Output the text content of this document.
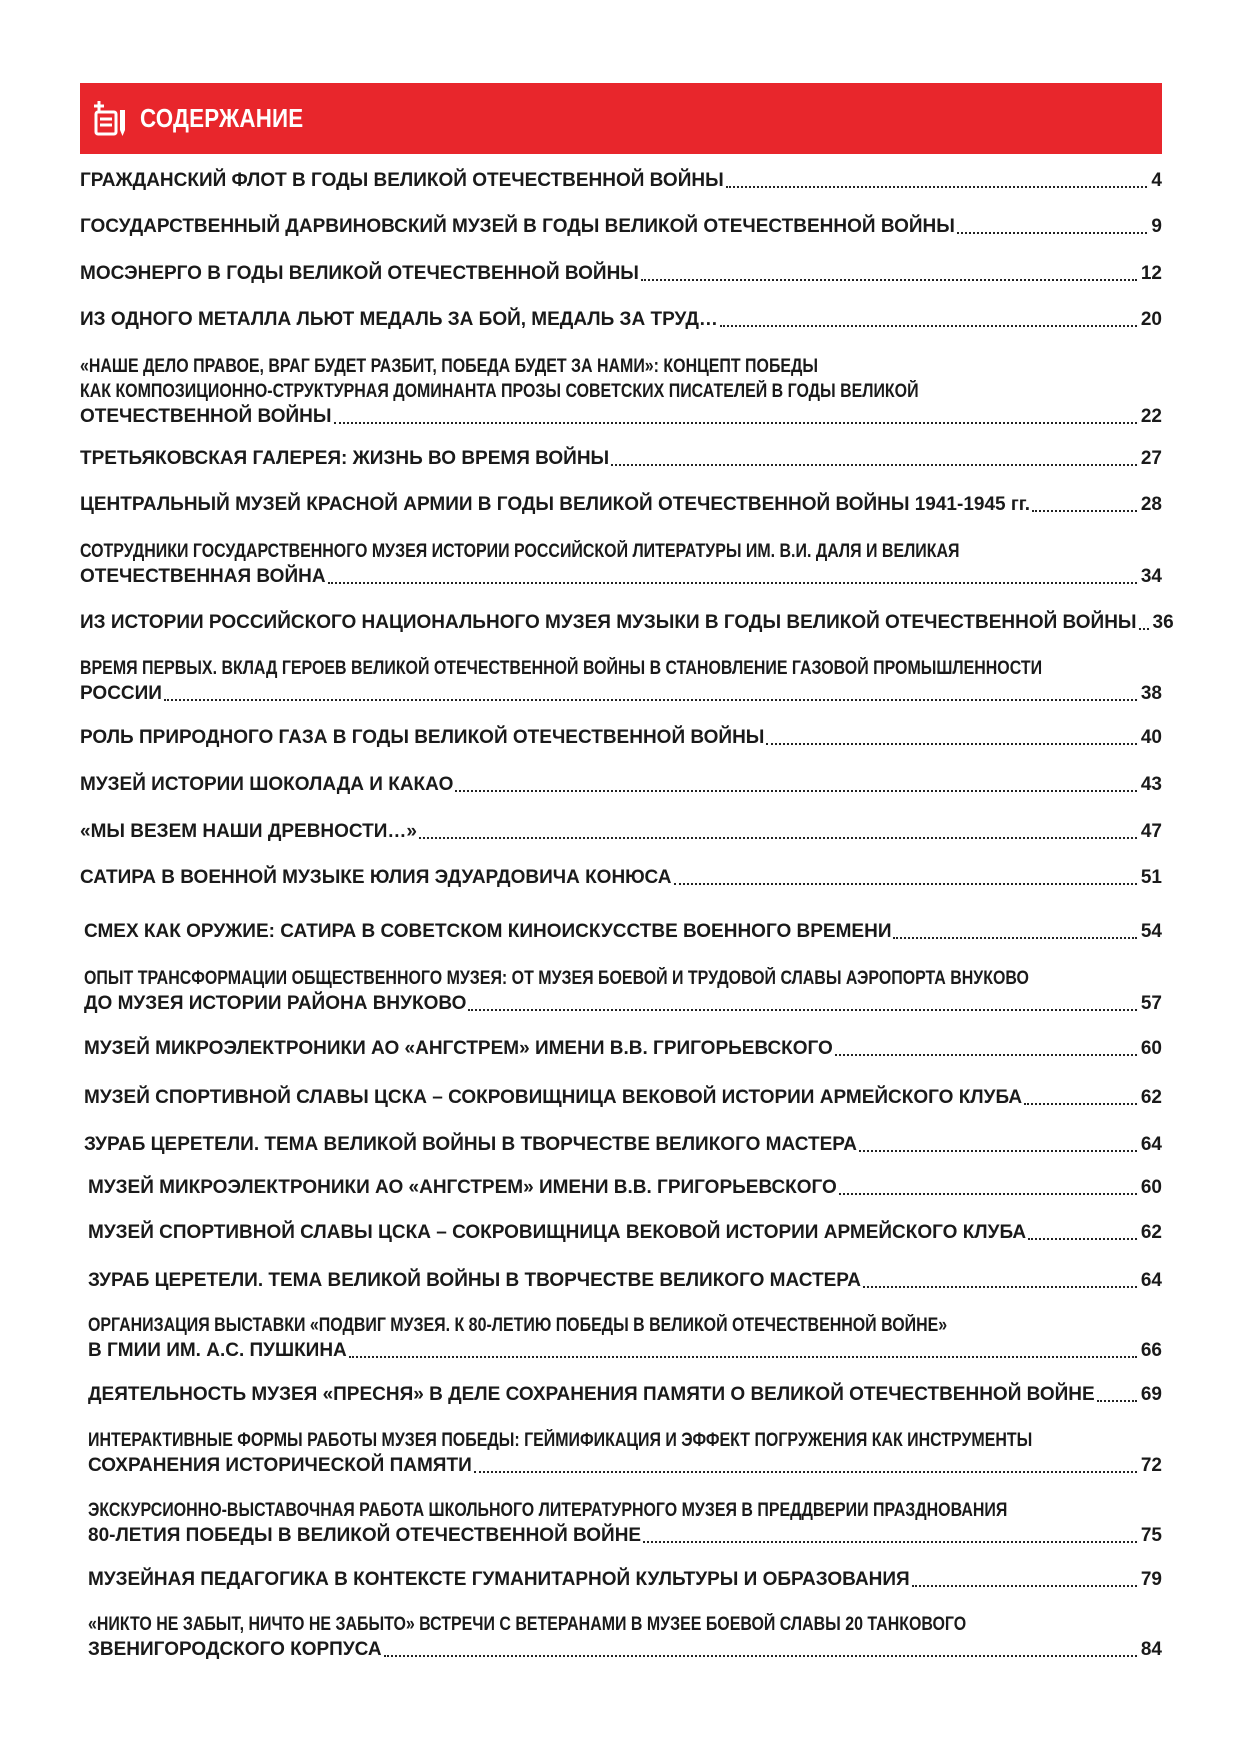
СОДЕРЖАНИЕ
ГРАЖДАНСКИЙ ФЛОТ В ГОДЫ ВЕЛИКОЙ ОТЕЧЕСТВЕННОЙ ВОЙНЫ	4
ГОСУДАРСТВЕННЫЙ ДАРВИНОВСКИЙ МУЗЕЙ В ГОДЫ ВЕЛИКОЙ ОТЕЧЕСТВЕННОЙ ВОЙНЫ	9
МОСЭНЕРГО В ГОДЫ ВЕЛИКОЙ ОТЕЧЕСТВЕННОЙ ВОЙНЫ	12
ИЗ ОДНОГО МЕТАЛЛА ЛЬЮТ МЕДАЛЬ ЗА БОЙ, МЕДАЛЬ ЗА ТРУД…	20
«НАШЕ ДЕЛО ПРАВОЕ, ВРАГ БУДЕТ РАЗБИТ, ПОБЕДА БУДЕТ ЗА НАМИ»: КОНЦЕПТ ПОБЕДЫ
КАК КОМПОЗИЦИОННО-СТРУКТУРНАЯ ДОМИНАНТА ПРОЗЫ СОВЕТСКИХ ПИСАТЕЛЕЙ В ГОДЫ ВЕЛИКОЙ
ОТЕЧЕСТВЕННОЙ ВОЙНЫ	22
ТРЕТЬЯКОВСКАЯ ГАЛЕРЕЯ: ЖИЗНЬ ВО ВРЕМЯ ВОЙНЫ	27
ЦЕНТРАЛЬНЫЙ МУЗЕЙ КРАСНОЙ АРМИИ В ГОДЫ ВЕЛИКОЙ ОТЕЧЕСТВЕННОЙ ВОЙНЫ 1941-1945 гг.	28
СОТРУДНИКИ ГОСУДАРСТВЕННОГО МУЗЕЯ ИСТОРИИ РОССИЙСКОЙ ЛИТЕРАТУРЫ ИМ. В.И. ДАЛЯ И ВЕЛИКАЯ
ОТЕЧЕСТВЕННАЯ ВОЙНА	34
ИЗ ИСТОРИИ РОССИЙСКОГО НАЦИОНАЛЬНОГО МУЗЕЯ МУЗЫКИ В ГОДЫ ВЕЛИКОЙ ОТЕЧЕСТВЕННОЙ ВОЙНЫ 36
ВРЕМЯ ПЕРВЫХ. ВКЛАД ГЕРОЕВ ВЕЛИКОЙ ОТЕЧЕСТВЕННОЙ ВОЙНЫ В СТАНОВЛЕНИЕ ГАЗОВОЙ ПРОМЫШЛЕННОСТИ
РОССИИ	38
РОЛЬ ПРИРОДНОГО ГАЗА В ГОДЫ ВЕЛИКОЙ ОТЕЧЕСТВЕННОЙ ВОЙНЫ	40
МУЗЕЙ ИСТОРИИ ШОКОЛАДА И КАКАО	43
«МЫ ВЕЗЕМ НАШИ ДРЕВНОСТИ…»	47
САТИРА В ВОЕННОЙ МУЗЫКЕ ЮЛИЯ ЭДУАРДОВИЧА КОНЮСА	51
СМЕХ КАК ОРУЖИЕ: САТИРА В СОВЕТСКОМ КИНОИСКУССТВЕ ВОЕННОГО ВРЕМЕНИ	54
ОПЫТ ТРАНСФОРМАЦИИ ОБЩЕСТВЕННОГО МУЗЕЯ: ОТ МУЗЕЯ БОЕВОЙ И ТРУДОВОЙ СЛАВЫ АЭРОПОРТА ВНУКОВО
ДО МУЗЕЯ ИСТОРИИ РАЙОНА ВНУКОВО	57
МУЗЕЙ МИКРОЭЛЕКТРОНИКИ АО «АНГСТРЕМ» ИМЕНИ В.В. ГРИГОРЬЕВСКОГО	60
МУЗЕЙ СПОРТИВНОЙ СЛАВЫ ЦСКА – СОКРОВИЩНИЦА ВЕКОВОЙ ИСТОРИИ АРМЕЙСКОГО КЛУБА	62
ЗУРАБ ЦЕРЕТЕЛИ. ТЕМА ВЕЛИКОЙ ВОЙНЫ В ТВОРЧЕСТВЕ ВЕЛИКОГО МАСТЕРА	64
МУЗЕЙ МИКРОЭЛЕКТРОНИКИ АО «АНГСТРЕМ» ИМЕНИ В.В. ГРИГОРЬЕВСКОГО	60
МУЗЕЙ СПОРТИВНОЙ СЛАВЫ ЦСКА – СОКРОВИЩНИЦА ВЕКОВОЙ ИСТОРИИ АРМЕЙСКОГО КЛУБА	62
ЗУРАБ ЦЕРЕТЕЛИ. ТЕМА ВЕЛИКОЙ ВОЙНЫ В ТВОРЧЕСТВЕ ВЕЛИКОГО МАСТЕРА	64
ОРГАНИЗАЦИЯ ВЫСТАВКИ «ПОДВИГ МУЗЕЯ. К 80-ЛЕТИЮ ПОБЕДЫ В ВЕЛИКОЙ ОТЕЧЕСТВЕННОЙ ВОЙНЕ»
В ГМИИ ИМ. А.С. ПУШКИНА	66
ДЕЯТЕЛЬНОСТЬ МУЗЕЯ «ПРЕСНЯ» В ДЕЛЕ СОХРАНЕНИЯ ПАМЯТИ О ВЕЛИКОЙ ОТЕЧЕСТВЕННОЙ ВОЙНЕ 69
ИНТЕРАКТИВНЫЕ ФОРМЫ РАБОТЫ МУЗЕЯ ПОБЕДЫ: ГЕЙМИФИКАЦИЯ И ЭФФЕКТ ПОГРУЖЕНИЯ КАК ИНСТРУМЕНТЫ
СОХРАНЕНИЯ ИСТОРИЧЕСКОЙ ПАМЯТИ	72
ЭКСКУРСИОННО-ВЫСТАВОЧНАЯ РАБОТА ШКОЛЬНОГО ЛИТЕРАТУРНОГО МУЗЕЯ В ПРЕДДВЕРИИ ПРАЗДНОВАНИЯ
80-ЛЕТИЯ ПОБЕДЫ В ВЕЛИКОЙ ОТЕЧЕСТВЕННОЙ ВОЙНЕ	75
МУЗЕЙНАЯ ПЕДАГОГИКА В КОНТЕКСТЕ ГУМАНИТАРНОЙ КУЛЬТУРЫ И ОБРАЗОВАНИЯ	79
«НИКТО НЕ ЗАБЫТ, НИЧТО НЕ ЗАБЫТО» ВСТРЕЧИ С ВЕТЕРАНАМИ В МУЗЕЕ БОЕВОЙ СЛАВЫ 20 ТАНКОВОГО
ЗВЕНИГОРОДСКОГО КОРПУСА	84
